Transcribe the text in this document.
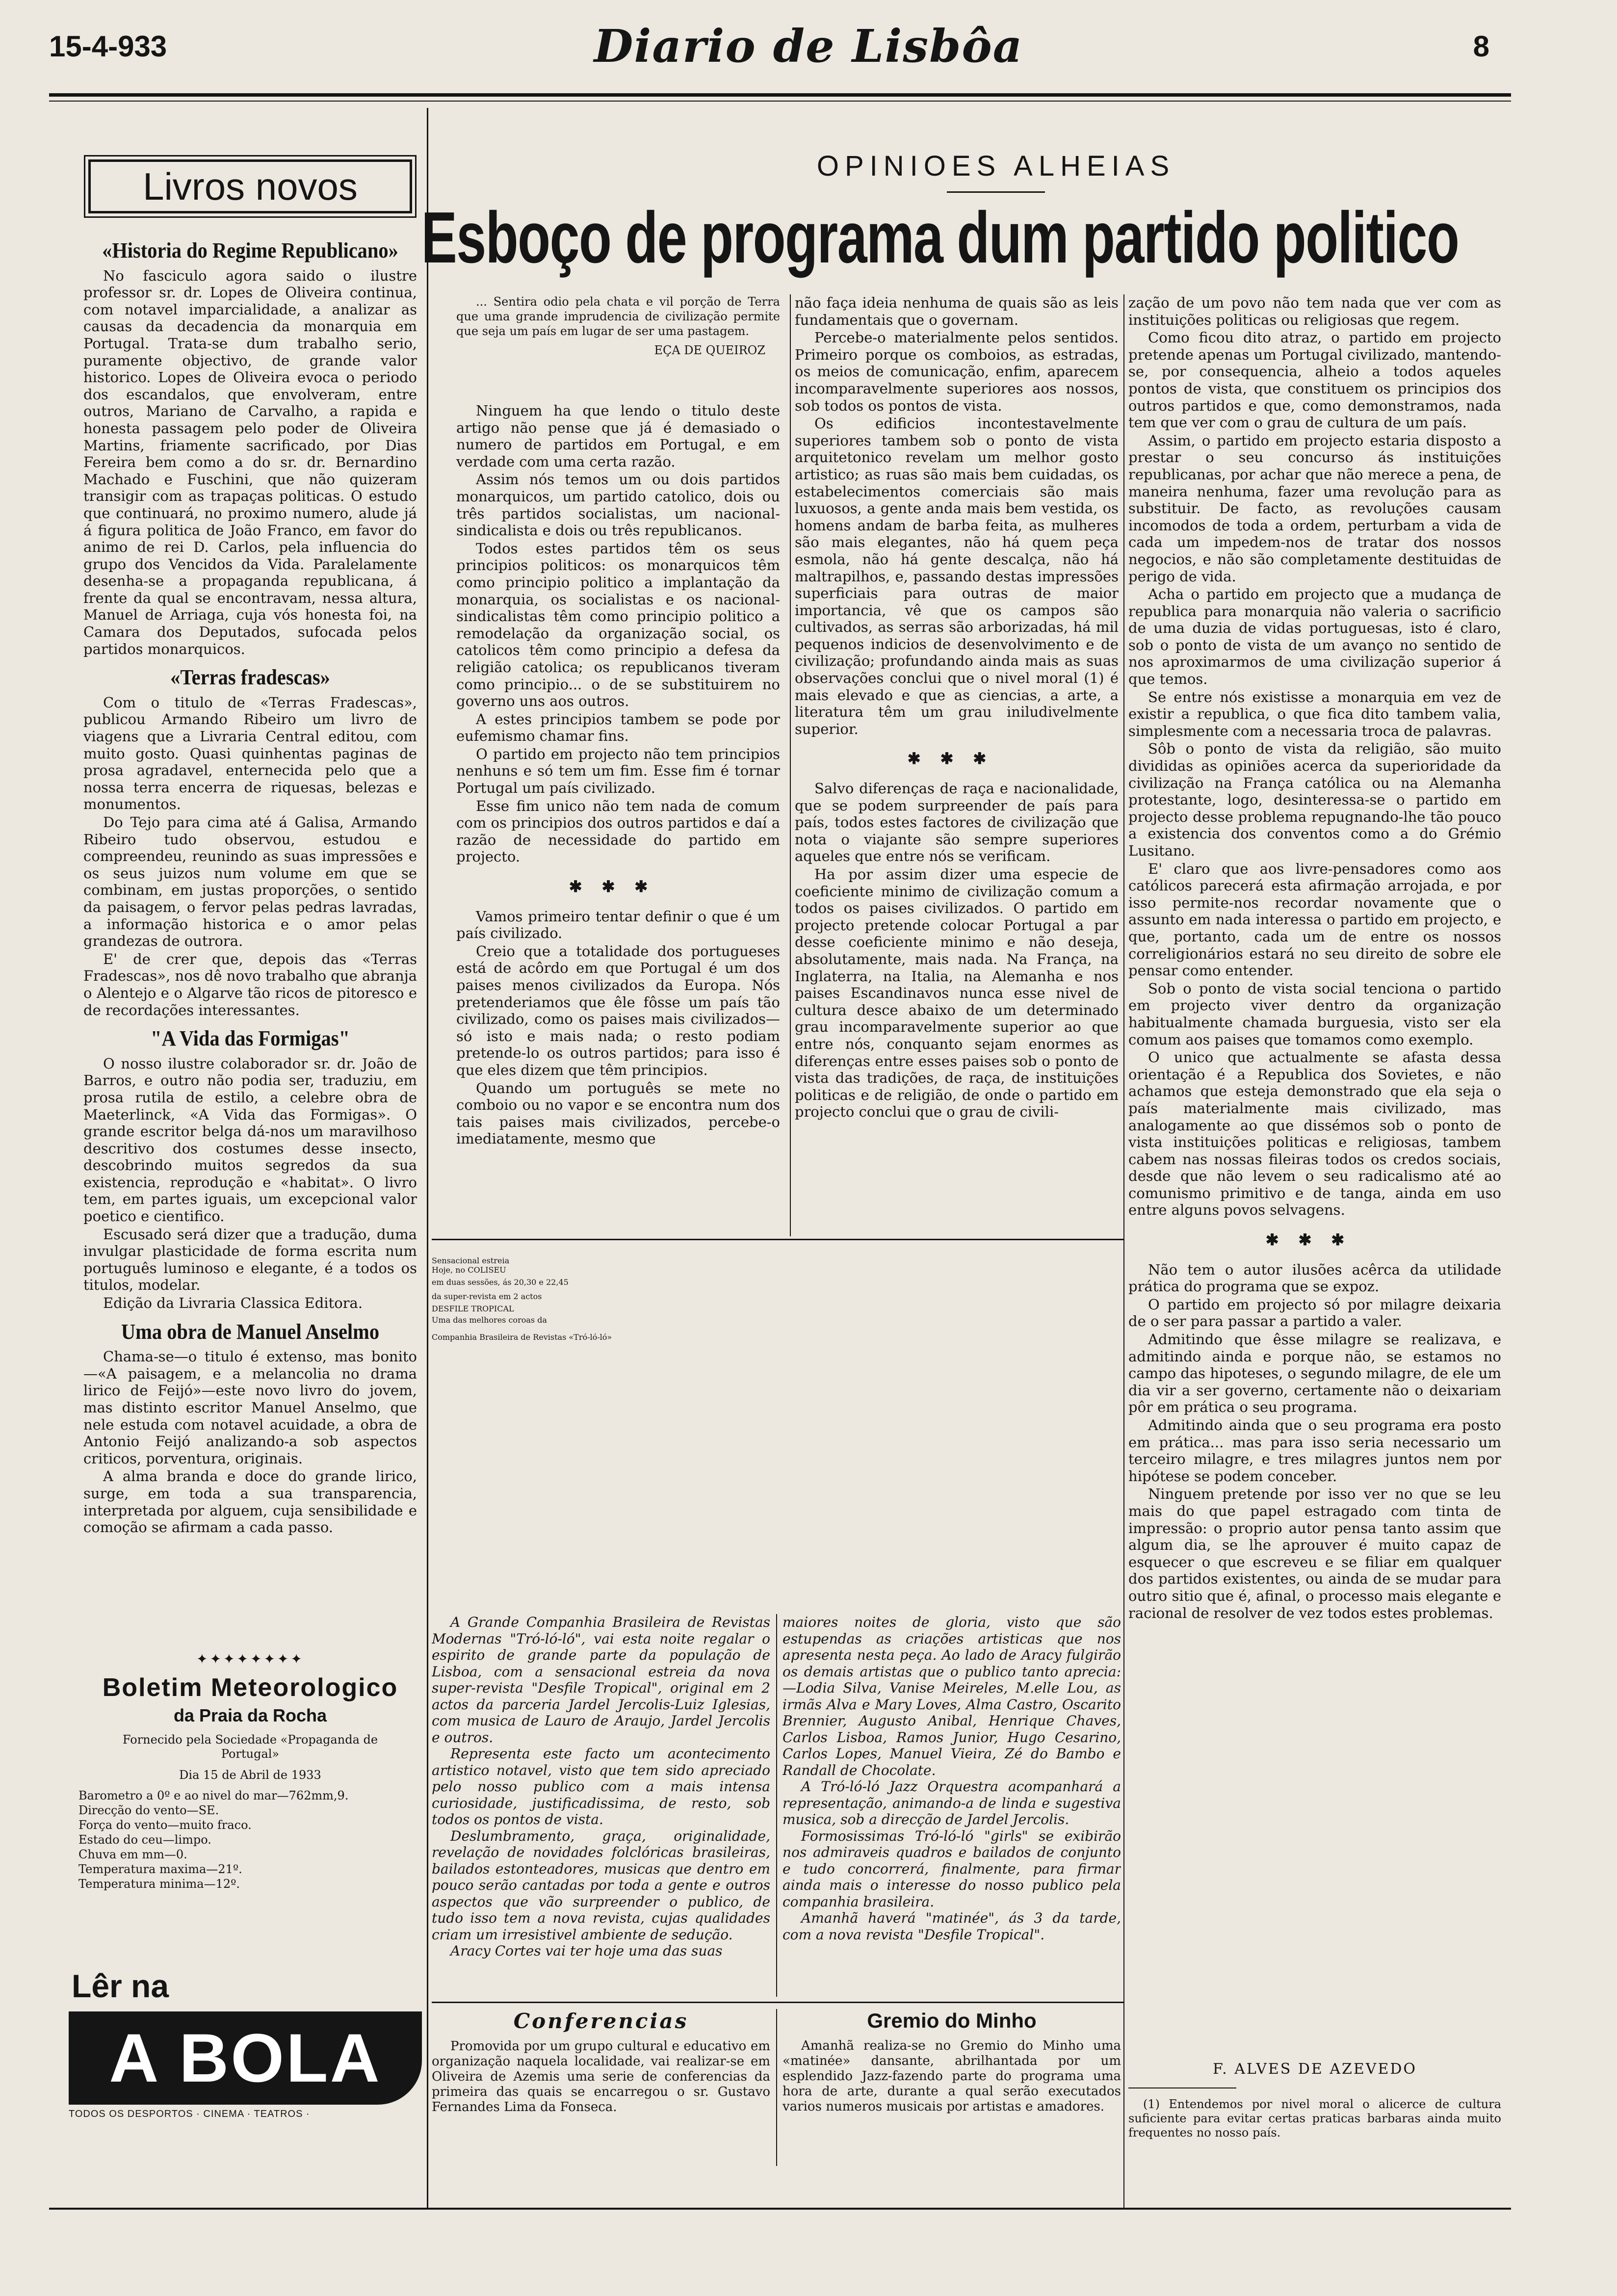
15-4-933	Diario de Lisbôa	8
Livros novos
«Historia do Regime Republicano»

No fasciculo agora saido o ilustre professor sr. dr. Lopes de Oliveira continua, com notavel imparcialidade, a analizar as causas da decadencia da monarquia em Portugal. Trata-se dum trabalho serio, puramente objectivo, de grande valor historico. Lopes de Oliveira evoca o periodo dos escandalos, que envolveram, entre outros, Mariano de Carvalho, a rapida e honesta passagem pelo poder de Oliveira Martins, friamente sacrificado, por Dias Fereira bem como a do sr. dr. Bernardino Machado e Fuschini, que não quizeram transigir com as trapaças politicas. O estudo que continuará, no proximo numero, alude já á figura politica de João Franco, em favor do animo de rei D. Carlos, pela influencia do grupo dos Vencidos da Vida. Paralelamente desenha-se a propaganda republicana, á frente da qual se encontravam, nessa altura, Manuel de Arriaga, cuja vós honesta foi, na Camara dos Deputados, sufocada pelos partidos monarquicos.

«Terras fradescas»

Com o titulo de «Terras Fradescas», publicou Armando Ribeiro um livro de viagens que a Livraria Central editou, com muito gosto. Quasi quinhentas paginas de prosa agradavel, enternecida pelo que a nossa terra encerra de riquesas, belezas e monumentos.

Do Tejo para cima até á Galisa, Armando Ribeiro tudo observou, estudou e compreendeu, reunindo as suas impressões e os seus juizos num volume em que se combinam, em justas proporções, o sentido da paisagem, o fervor pelas pedras lavradas, a informação historica e o amor pelas grandezas de outrora.

E' de crer que, depois das «Terras Fradescas», nos dê novo trabalho que abranja o Alentejo e o Algarve tão ricos de pitoresco e de recordações interessantes.

"A Vida das Formigas"

O nosso ilustre colaborador sr. dr. João de Barros, e outro não podia ser, traduziu, em prosa rutila de estilo, a celebre obra de Maeterlinck, «A Vida das Formigas». O grande escritor belga dá-nos um maravilhoso descritivo dos costumes desse insecto, descobrindo muitos segredos da sua existencia, reprodução e «habitat». O livro tem, em partes iguais, um excepcional valor poetico e cientifico.

Escusado será dizer que a tradução, duma invulgar plasticidade de forma escrita num português luminoso e elegante, é a todos os titulos, modelar.

Edição da Livraria Classica Editora.

Uma obra de Manuel Anselmo

Chama-se—o titulo é extenso, mas bonito—«A paisagem, e a melancolia no drama lirico de Feijó»—este novo livro do jovem, mas distinto escritor Manuel Anselmo, que nele estuda com notavel acuidade, a obra de Antonio Feijó analizando-a sob aspectos criticos, porventura, originais.

A alma branda e doce do grande lirico, surge, em toda a sua transparencia, interpretada por alguem, cuja sensibilidade e comoção se afirmam a cada passo.

✦✦✦✦✦✦✦✦
Boletim Meteorologico
da Praia da Rocha
Fornecido pela Sociedade «Propaganda de Portugal»
Dia 15 de Abril de 1933
Barometro a 0º e ao nivel do mar—762mm,9.
Direcção do vento—SE.
Força do vento—muito fraco.
Estado do ceu—limpo.
Chuva em mm—0.
Temperatura maxima—21º.
Temperatura minima—12º.
Lêr na
A BOLA
TODOS OS DESPORTOS · CINEMA · TEATROS ·
OPINIOES ALHEIAS
Esboço de programa dum partido politico

... Sentira odio pela chata e vil porção de Terra que uma grande imprudencia de civilização permite que seja um país em lugar de ser uma pastagem.

EÇA DE QUEIROZ

Ninguem ha que lendo o titulo deste artigo não pense que já é demasiado o numero de partidos em Portugal, e em verdade com uma certa razão.

Assim nós temos um ou dois partidos monarquicos, um partido catolico, dois ou três partidos socialistas, um nacional-sindicalista e dois ou três republicanos.

Todos estes partidos têm os seus principios politicos: os monarquicos têm como principio politico a implantação da monarquia, os socialistas e os nacional-sindicalistas têm como principio politico a remodelação da organização social, os catolicos têm como principio a defesa da religião catolica; os republicanos tiveram como principio... o de se substituirem no governo uns aos outros.

A estes principios tambem se pode por eufemismo chamar fins.

O partido em projecto não tem principios nenhuns e só tem um fim. Esse fim é tornar Portugal um país civilizado.

Esse fim unico não tem nada de comum com os principios dos outros partidos e daí a razão de necessidade do partido em projecto.

✱✱✱

Vamos primeiro tentar definir o que é um país civilizado.

Creio que a totalidade dos portugueses está de acôrdo em que Portugal é um dos paises menos civilizados da Europa. Nós pretenderiamos que êle fôsse um país tão civilizado, como os paises mais civilizados—só isto e mais nada; o resto podiam pretende-lo os outros partidos; para isso é que eles dizem que têm principios.

Quando um português se mete no comboio ou no vapor e se encontra num dos tais paises mais civilizados, percebe-o imediatamente, mesmo que

não faça ideia nenhuma de quais são as leis fundamentais que o governam.

Percebe-o materialmente pelos sentidos. Primeiro porque os comboios, as estradas, os meios de comunicação, enfim, aparecem incomparavelmente superiores aos nossos, sob todos os pontos de vista.

Os edificios incontestavelmente superiores tambem sob o ponto de vista arquitetonico revelam um melhor gosto artistico; as ruas são mais bem cuidadas, os estabelecimentos comerciais são mais luxuosos, a gente anda mais bem vestida, os homens andam de barba feita, as mulheres são mais elegantes, não há quem peça esmola, não há gente descalça, não há maltrapilhos, e, passando destas impressões superficiais para outras de maior importancia, vê que os campos são cultivados, as serras são arborizadas, há mil pequenos indicios de desenvolvimento e de civilização; profundando ainda mais as suas observações conclui que o nivel moral (1) é mais elevado e que as ciencias, a arte, a literatura têm um grau iniludivelmente superior.

✱✱✱

Salvo diferenças de raça e nacionalidade, que se podem surpreender de país para país, todos estes factores de civilização que nota o viajante são sempre superiores aqueles que entre nós se verificam.

Ha por assim dizer uma especie de coeficiente minimo de civilização comum a todos os paises civilizados. O partido em projecto pretende colocar Portugal a par desse coeficiente minimo e não deseja, absolutamente, mais nada. Na França, na Inglaterra, na Italia, na Alemanha e nos paises Escandinavos nunca esse nivel de cultura desce abaixo de um determinado grau incomparavelmente superior ao que entre nós, conquanto sejam enormes as diferenças entre esses paises sob o ponto de vista das tradições, de raça, de instituições politicas e de religião, de onde o partido em projecto conclui que o grau de civili-

zação de um povo não tem nada que ver com as instituições politicas ou religiosas que regem.

Como ficou dito atraz, o partido em projecto pretende apenas um Portugal civilizado, mantendo-se, por consequencia, alheio a todos aqueles pontos de vista, que constituem os principios dos outros partidos e que, como demonstramos, nada tem que ver com o grau de cultura de um país.

Assim, o partido em projecto estaria disposto a prestar o seu concurso ás instituições republicanas, por achar que não merece a pena, de maneira nenhuma, fazer uma revolução para as substituir. De facto, as revoluções causam incomodos de toda a ordem, perturbam a vida de cada um impedem-nos de tratar dos nossos negocios, e não são completamente destituidas de perigo de vida.

Acha o partido em projecto que a mudança de republica para monarquia não valeria o sacrificio de uma duzia de vidas portuguesas, isto é claro, sob o ponto de vista de um avanço no sentido de nos aproximarmos de uma civilização superior á que temos.

Se entre nós existisse a monarquia em vez de existir a republica, o que fica dito tambem valia, simplesmente com a necessaria troca de palavras.

Sôb o ponto de vista da religião, são muito divididas as opiniões acerca da superioridade da civilização na França católica ou na Alemanha protestante, logo, desinteressa-se o partido em projecto desse problema repugnando-lhe tão pouco a existencia dos conventos como a do Grémio Lusitano.

E' claro que aos livre-pensadores como aos católicos parecerá esta afirmação arrojada, e por isso permite-nos recordar novamente que o assunto em nada interessa o partido em projecto, e que, portanto, cada um de entre os nossos correligionários estará no seu direito de sobre ele pensar como entender.

Sob o ponto de vista social tenciona o partido em projecto viver dentro da organização habitualmente chamada burguesia, visto ser ela comum aos paises que tomamos como exemplo.

O unico que actualmente se afasta dessa orientação é a Republica dos Sovietes, e não achamos que esteja demonstrado que ela seja o país materialmente mais civilizado, mas analogamente ao que dissémos sob o ponto de vista instituições politicas e religiosas, tambem cabem nas nossas fileiras todos os credos sociais, desde que não levem o seu radicalismo até ao comunismo primitivo e de tanga, ainda em uso entre alguns povos selvagens.

✱✱✱

Não tem o autor ilusões acêrca da utilidade prática do programa que se expoz.

O partido em projecto só por milagre deixaria de o ser para passar a partido a valer.

Admitindo que êsse milagre se realizava, e admitindo ainda e porque não, se estamos no campo das hipoteses, o segundo milagre, de ele um dia vir a ser governo, certamente não o deixariam pôr em prática o seu programa.

Admitindo ainda que o seu programa era posto em prática... mas para isso seria necessario um terceiro milagre, e tres milagres juntos nem por hipótese se podem conceber.

Ninguem pretende por isso ver no que se leu mais do que papel estragado com tinta de impressão: o proprio autor pensa tanto assim que algum dia, se lhe aprouver é muito capaz de esquecer o que escreveu e se filiar em qualquer dos partidos existentes, ou ainda de se mudar para outro sitio que é, afinal, o processo mais elegante e racional de resolver de vez todos estes problemas.

F. ALVES DE AZEVEDO
(1) Entendemos por nivel moral o alicerce de cultura suficiente para evitar certas praticas barbaras ainda muito frequentes no nosso país.
Sensacional estreia
Hoje, no COLISEU
em duas sessões, ás 20,30 e 22,45
da super-revista em 2 actos
DESFILE TROPICAL
Uma das melhores coroas da
Companhia Brasileira de Revistas «Tró-ló-ló»

A Grande Companhia Brasileira de Revistas Modernas "Tró-ló-ló", vai esta noite regalar o espirito de grande parte da população de Lisboa, com a sensacional estreia da nova super-revista "Desfile Tropical", original em 2 actos da parceria Jardel Jercolis-Luiz Iglesias, com musica de Lauro de Araujo, Jardel Jercolis e outros.

Representa este facto um acontecimento artistico notavel, visto que tem sido apreciado pelo nosso publico com a mais intensa curiosidade, justificadissima, de resto, sob todos os pontos de vista.

Deslumbramento, graça, originalidade, revelação de novidades folclóricas brasileiras, bailados estonteadores, musicas que dentro em pouco serão cantadas por toda a gente e outros aspectos que vão surpreender o publico, de tudo isso tem a nova revista, cujas qualidades criam um irresistivel ambiente de sedução.

Aracy Cortes vai ter hoje uma das suas

maiores noites de gloria, visto que são estupendas as criações artisticas que nos apresenta nesta peça. Ao lado de Aracy fulgirão os demais artistas que o publico tanto aprecia:—Lodia Silva, Vanise Meireles, M.elle Lou, as irmãs Alva e Mary Loves, Alma Castro, Oscarito Brennier, Augusto Anibal, Henrique Chaves, Carlos Lisboa, Ramos Junior, Hugo Cesarino, Carlos Lopes, Manuel Vieira, Zé do Bambo e Randall de Chocolate.

A Tró-ló-ló Jazz Orquestra acompanhará a representação, animando-a de linda e sugestiva musica, sob a direcção de Jardel Jercolis.

Formosissimas Tró-ló-ló "girls" se exibirão nos admiraveis quadros e bailados de conjunto e tudo concorrerá, finalmente, para firmar ainda mais o interesse do nosso publico pela companhia brasileira.

Amanhã haverá "matinée", ás 3 da tarde, com a nova revista "Desfile Tropical".

Conferencias

Promovida por um grupo cultural e educativo em organização naquela localidade, vai realizar-se em Oliveira de Azemis uma serie de conferencias da primeira das quais se encarregou o sr. Gustavo Fernandes Lima da Fonseca.

Gremio do Minho

Amanhã realiza-se no Gremio do Minho uma «matinée» dansante, abrilhantada por um esplendido Jazz-fazendo parte do programa uma hora de arte, durante a qual serão executados varios numeros musicais por artistas e amadores.
